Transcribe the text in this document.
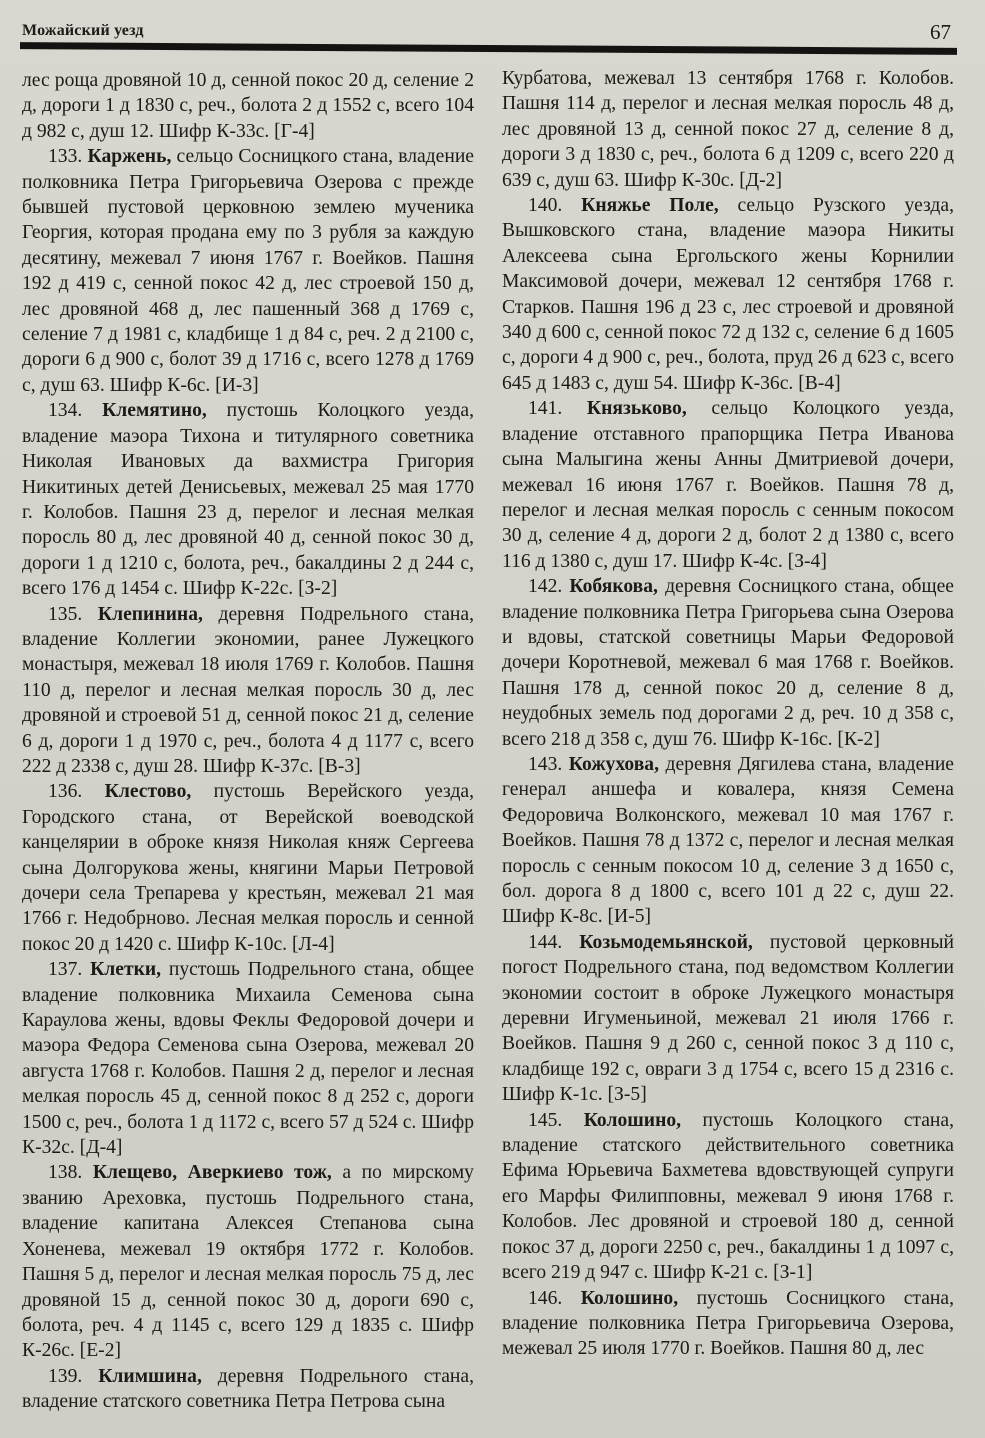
Можайский уезд	67

лес роща дровяной 10 д, сенной покос 20 д, селение 2 д, дороги 1 д 1830 с, реч., болота 2 д 1552 с, всего 104 д 982 с, душ 12. Шифр К-33с. [Г-4]

133. Каржень, сельцо Сосницкого стана, владение полковника Петра Григорьевича Озерова с прежде бывшей пустовой церковною землею мученика Георгия, которая продана ему по 3 рубля за каждую десятину, межевал 7 июня 1767 г. Воейков. Пашня 192 д 419 с, сенной покос 42 д, лес строевой 150 д, лес дровяной 468 д, лес пашенный 368 д 1769 с, селение 7 д 1981 с, кладбище 1 д 84 с, реч. 2 д 2100 с, дороги 6 д 900 с, болот 39 д 1716 с, всего 1278 д 1769 с, душ 63. Шифр К-6с. [И-3]

134. Клемятино, пустошь Колоцкого уезда, владение маэора Тихона и титулярного советника Николая Ивановых да вахмистра Григория Никитиных детей Денисьевых, межевал 25 мая 1770 г. Колобов. Пашня 23 д, перелог и лесная мелкая поросль 80 д, лес дровяной 40 д, сенной покос 30 д, дороги 1 д 1210 с, болота, реч., бакалдины 2 д 244 с, всего 176 д 1454 с. Шифр К-22с. [З-2]

135. Клепинина, деревня Подрельного стана, владение Коллегии экономии, ранее Лужецкого монастыря, межевал 18 июля 1769 г. Колобов. Пашня 110 д, перелог и лесная мелкая поросль 30 д, лес дровяной и строевой 51 д, сенной покос 21 д, селение 6 д, дороги 1 д 1970 с, реч., болота 4 д 1177 с, всего 222 д 2338 с, душ 28. Шифр К-37с. [В-3]

136. Клестово, пустошь Верейского уезда, Городского стана, от Верейской воеводской канцелярии в оброке князя Николая княж Сергеева сына Долгорукова жены, княгини Марьи Петровой дочери села Трепарева у крестьян, межевал 21 мая 1766 г. Недобрново. Лесная мелкая поросль и сенной покос 20 д 1420 с. Шифр К-10с. [Л-4]

137. Клетки, пустошь Подрельного стана, общее владение полковника Михаила Семенова сына Караулова жены, вдовы Феклы Федоровой дочери и маэора Федора Семенова сына Озерова, межевал 20 августа 1768 г. Колобов. Пашня 2 д, перелог и лесная мелкая поросль 45 д, сенной покос 8 д 252 с, дороги 1500 с, реч., болота 1 д 1172 с, всего 57 д 524 с. Шифр К-32с. [Д-4]

138. Клещево, Аверкиево тож, а по мирскому званию Арехoвка, пустошь Подрельного стана, владение капитана Алексея Степанова сына Хоненева, межевал 19 октября 1772 г. Колобов. Пашня 5 д, перелог и лесная мелкая поросль 75 д, лес дровяной 15 д, сенной покос 30 д, дороги 690 с, болота, реч. 4 д 1145 с, всего 129 д 1835 с. Шифр К-26с. [Е-2]

139. Климшина, деревня Подрельного стана, владение статского советника Петра Петрова сына

Курбатова, межевал 13 сентября 1768 г. Колобов. Пашня 114 д, перелог и лесная мелкая поросль 48 д, лес дровяной 13 д, сенной покос 27 д, селение 8 д, дороги 3 д 1830 с, реч., болота 6 д 1209 с, всего 220 д 639 с, душ 63. Шифр К-30с. [Д-2]

140. Княжье Поле, сельцо Рузского уезда, Вышковского стана, владение маэора Никиты Алексеева сына Ергольского жены Корнилии Максимовой дочери, межевал 12 сентября 1768 г. Старков. Пашня 196 д 23 с, лес строевой и дровяной 340 д 600 с, сенной покос 72 д 132 с, селение 6 д 1605 с, дороги 4 д 900 с, реч., болота, пруд 26 д 623 с, всего 645 д 1483 с, душ 54. Шифр К-36с. [В-4]

141. Князьково, сельцо Колоцкого уезда, владение отставного прапорщика Петра Иванова сына Малыгина жены Анны Дмитриевой дочери, межевал 16 июня 1767 г. Воейков. Пашня 78 д, перелог и лесная мелкая поросль с сенным покосом 30 д, селение 4 д, дороги 2 д, болот 2 д 1380 с, всего 116 д 1380 с, душ 17. Шифр К-4с. [З-4]

142. Кобякова, деревня Сосницкого стана, общее владение полковника Петра Григорьева сына Озерова и вдовы, статской советницы Марьи Федоровой дочери Коротневой, межевал 6 мая 1768 г. Воейков. Пашня 178 д, сенной покос 20 д, селение 8 д, неудобных земель под дорогами 2 д, реч. 10 д 358 с, всего 218 д 358 с, душ 76. Шифр К-16с. [К-2]

143. Кожухова, деревня Дягилева стана, владение генерал аншефа и ковалера, князя Семена Федоровича Волконского, межевал 10 мая 1767 г. Воейков. Пашня 78 д 1372 с, перелог и лесная мелкая поросль с сенным покосом 10 д, селение 3 д 1650 с, бол. дорога 8 д 1800 с, всего 101 д 22 с, душ 22. Шифр К-8с. [И-5]

144. Козьмодемьянской, пустовой церковный погост Подрельного стана, под ведомством Коллегии экономии состоит в оброке Лужецкого монастыря деревни Игуменьиной, межевал 21 июля 1766 г. Воейков. Пашня 9 д 260 с, сенной покос 3 д 110 с, кладбище 192 с, овраги 3 д 1754 с, всего 15 д 2316 с. Шифр К-1с. [З-5]

145. Колошино, пустошь Колоцкого стана, владение статского действительного советника Ефима Юрьевича Бахметева вдовствующей супруги его Марфы Филипповны, межевал 9 июня 1768 г. Колобов. Лес дровяной и строевой 180 д, сенной покос 37 д, дороги 2250 с, реч., бакалдины 1 д 1097 с, всего 219 д 947 с. Шифр К-21 с. [З-1]

146. Колошино, пустошь Сосницкого стана, владение полковника Петра Григорьевича Озерова, межевал 25 июля 1770 г. Воейков. Пашня 80 д, лес
